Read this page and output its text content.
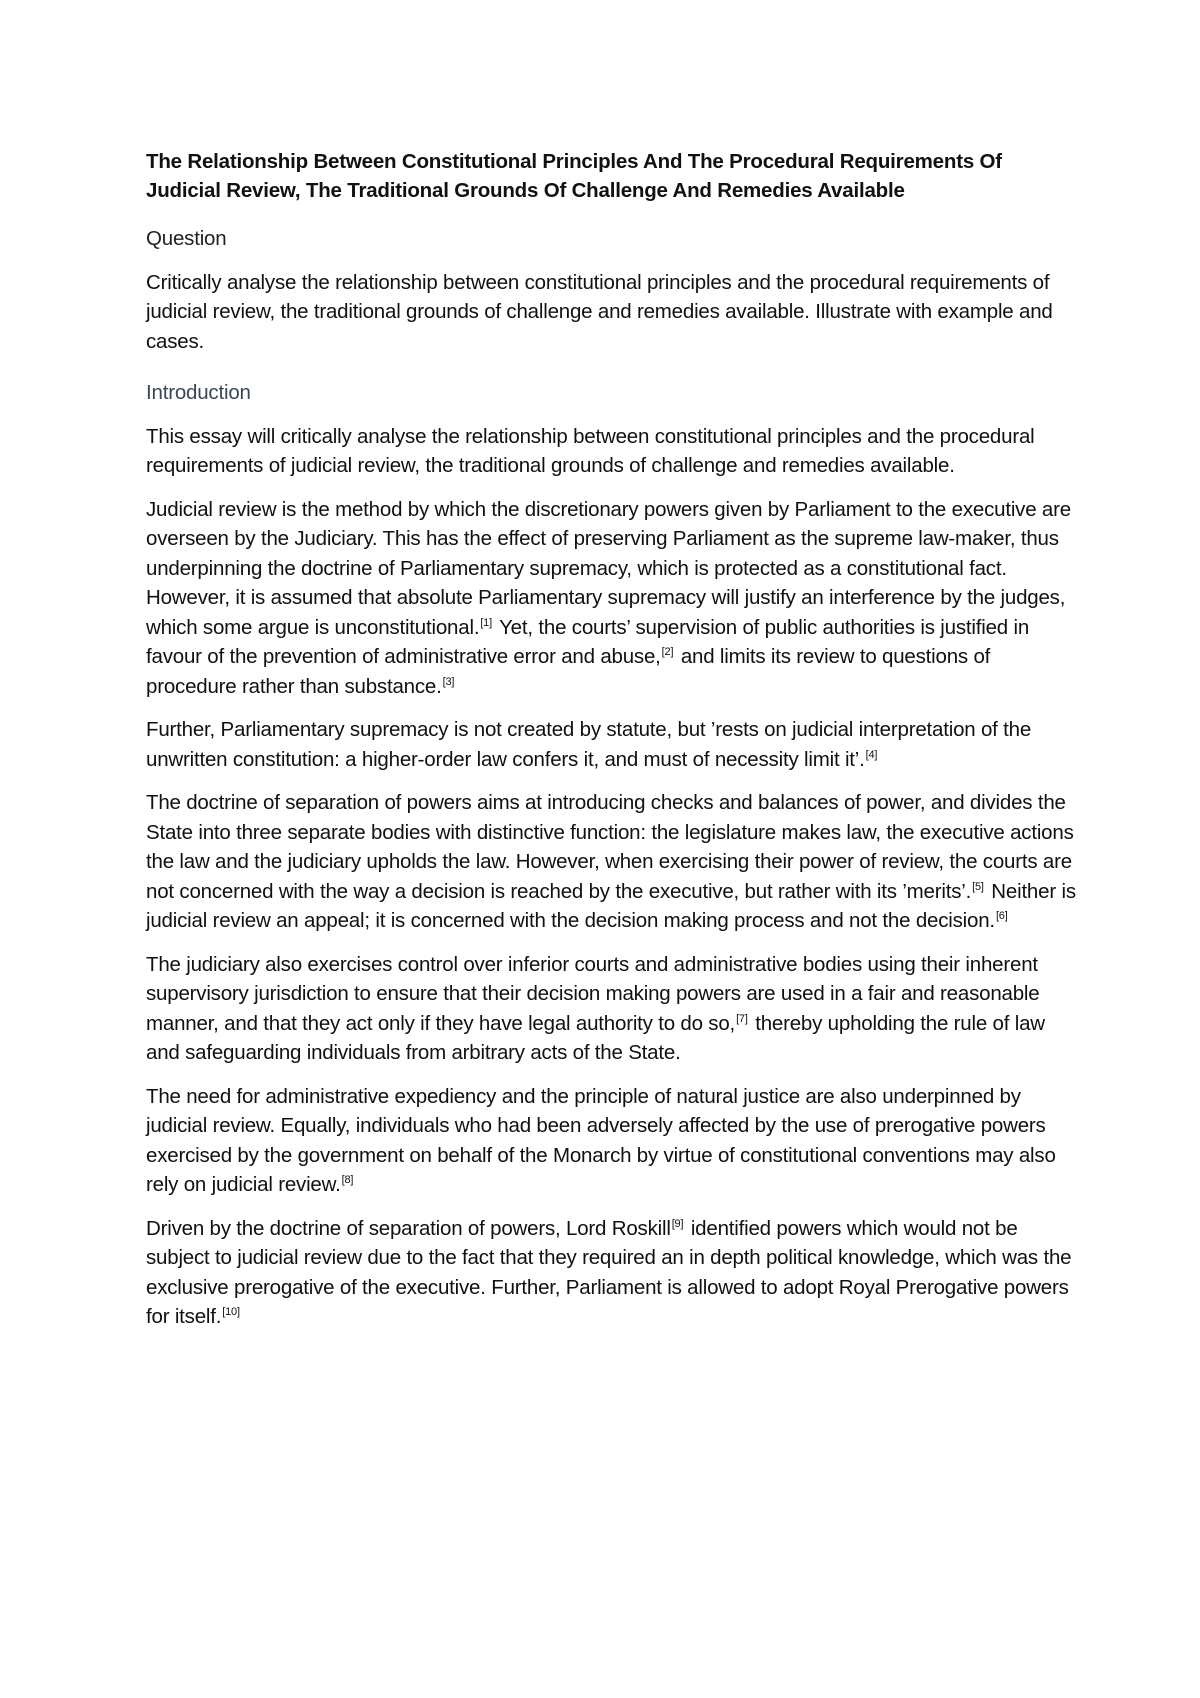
The Relationship Between Constitutional Principles And The Procedural Requirements Of Judicial Review, The Traditional Grounds Of Challenge And Remedies Available
Question

Critically analyse the relationship between constitutional principles and the procedural requirements of judicial review, the traditional grounds of challenge and remedies available. Illustrate with example and cases.

Introduction

This essay will critically analyse the relationship between constitutional principles and the procedural requirements of judicial review, the traditional grounds of challenge and remedies available.

Judicial review is the method by which the discretionary powers given by Parliament to the executive are overseen by the Judiciary. This has the effect of preserving Parliament as the supreme law-maker, thus underpinning the doctrine of Parliamentary supremacy, which is protected as a constitutional fact. However, it is assumed that absolute Parliamentary supremacy will justify an interference by the judges, which some argue is unconstitutional.[1] Yet, the courts’ supervision of public authorities is justified in favour of the prevention of administrative error and abuse,[2] and limits its review to questions of procedure rather than substance.[3]

Further, Parliamentary supremacy is not created by statute, but ’rests on judicial interpretation of the unwritten constitution: a higher-order law confers it, and must of necessity limit it’.[4]

The doctrine of separation of powers aims at introducing checks and balances of power, and divides the State into three separate bodies with distinctive function: the legislature makes law, the executive actions the law and the judiciary upholds the law. However, when exercising their power of review, the courts are not concerned with the way a decision is reached by the executive, but rather with its ’merits’.[5] Neither is judicial review an appeal; it is concerned with the decision making process and not the decision.[6]

The judiciary also exercises control over inferior courts and administrative bodies using their inherent supervisory jurisdiction to ensure that their decision making powers are used in a fair and reasonable manner, and that they act only if they have legal authority to do so,[7] thereby upholding the rule of law and safeguarding individuals from arbitrary acts of the State.

The need for administrative expediency and the principle of natural justice are also underpinned by judicial review. Equally, individuals who had been adversely affected by the use of prerogative powers exercised by the government on behalf of the Monarch by virtue of constitutional conventions may also rely on judicial review.[8]

Driven by the doctrine of separation of powers, Lord Roskill[9] identified powers which would not be subject to judicial review due to the fact that they required an in depth political knowledge, which was the exclusive prerogative of the executive. Further, Parliament is allowed to adopt Royal Prerogative powers for itself.[10]
